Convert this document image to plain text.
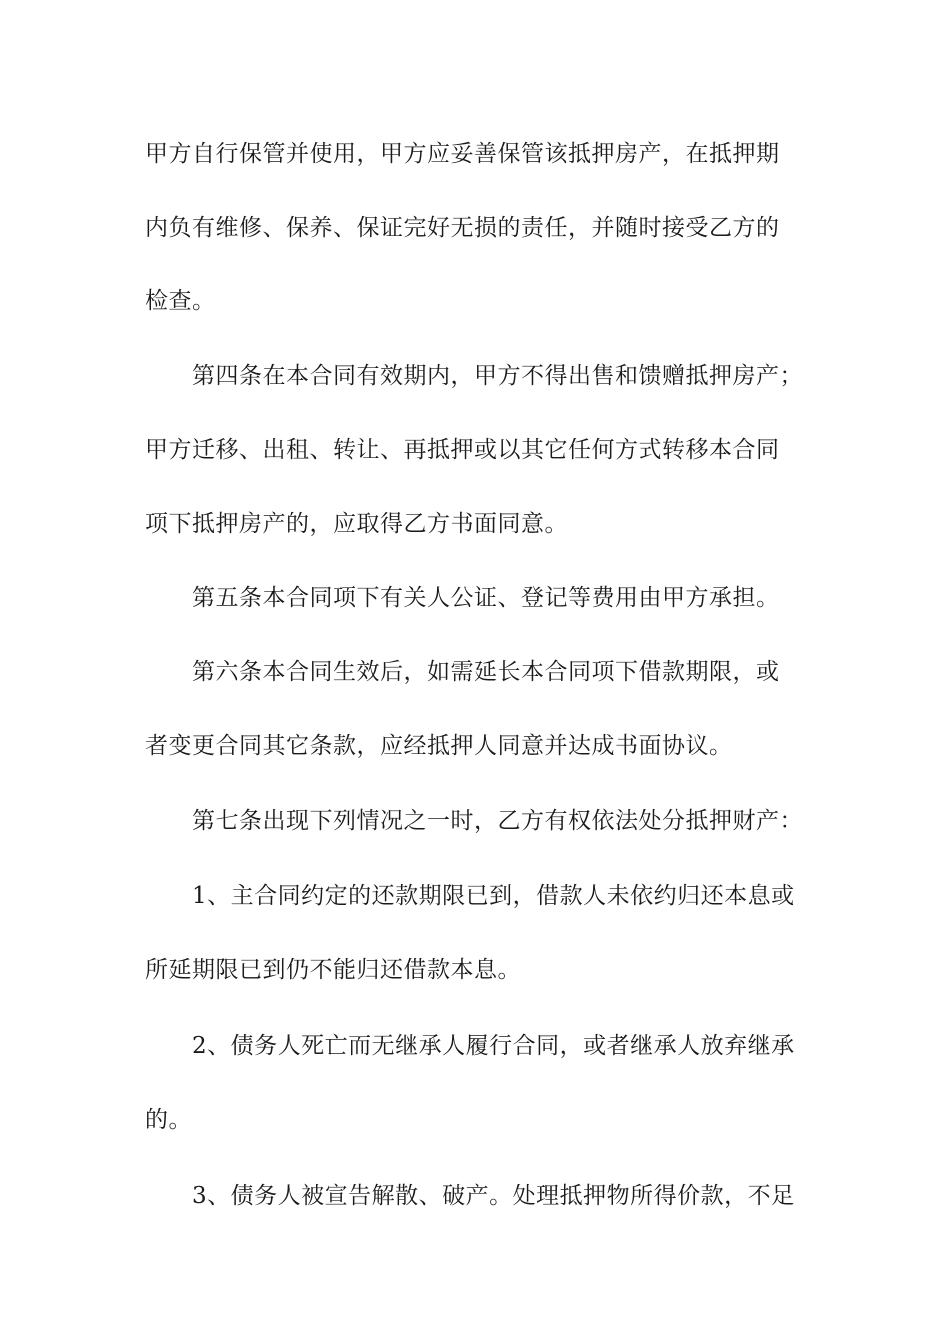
甲方自行保管并使用，甲方应妥善保管该抵押房产，在抵押期
内负有维修、保养、保证完好无损的责任，并随时接受乙方的
检查。
第四条在本合同有效期内，甲方不得出售和馈赠抵押房产；
甲方迁移、出租、转让、再抵押或以其它任何方式转移本合同
项下抵押房产的，应取得乙方书面同意。
第五条本合同项下有关人公证、登记等费用由甲方承担。
第六条本合同生效后，如需延长本合同项下借款期限，或
者变更合同其它条款，应经抵押人同意并达成书面协议。
第七条出现下列情况之一时，乙方有权依法处分抵押财产：
1、主合同约定的还款期限已到，借款人未依约归还本息或
所延期限已到仍不能归还借款本息。
2、债务人死亡而无继承人履行合同，或者继承人放弃继承
的。
3、债务人被宣告解散、破产。处理抵押物所得价款，不足
